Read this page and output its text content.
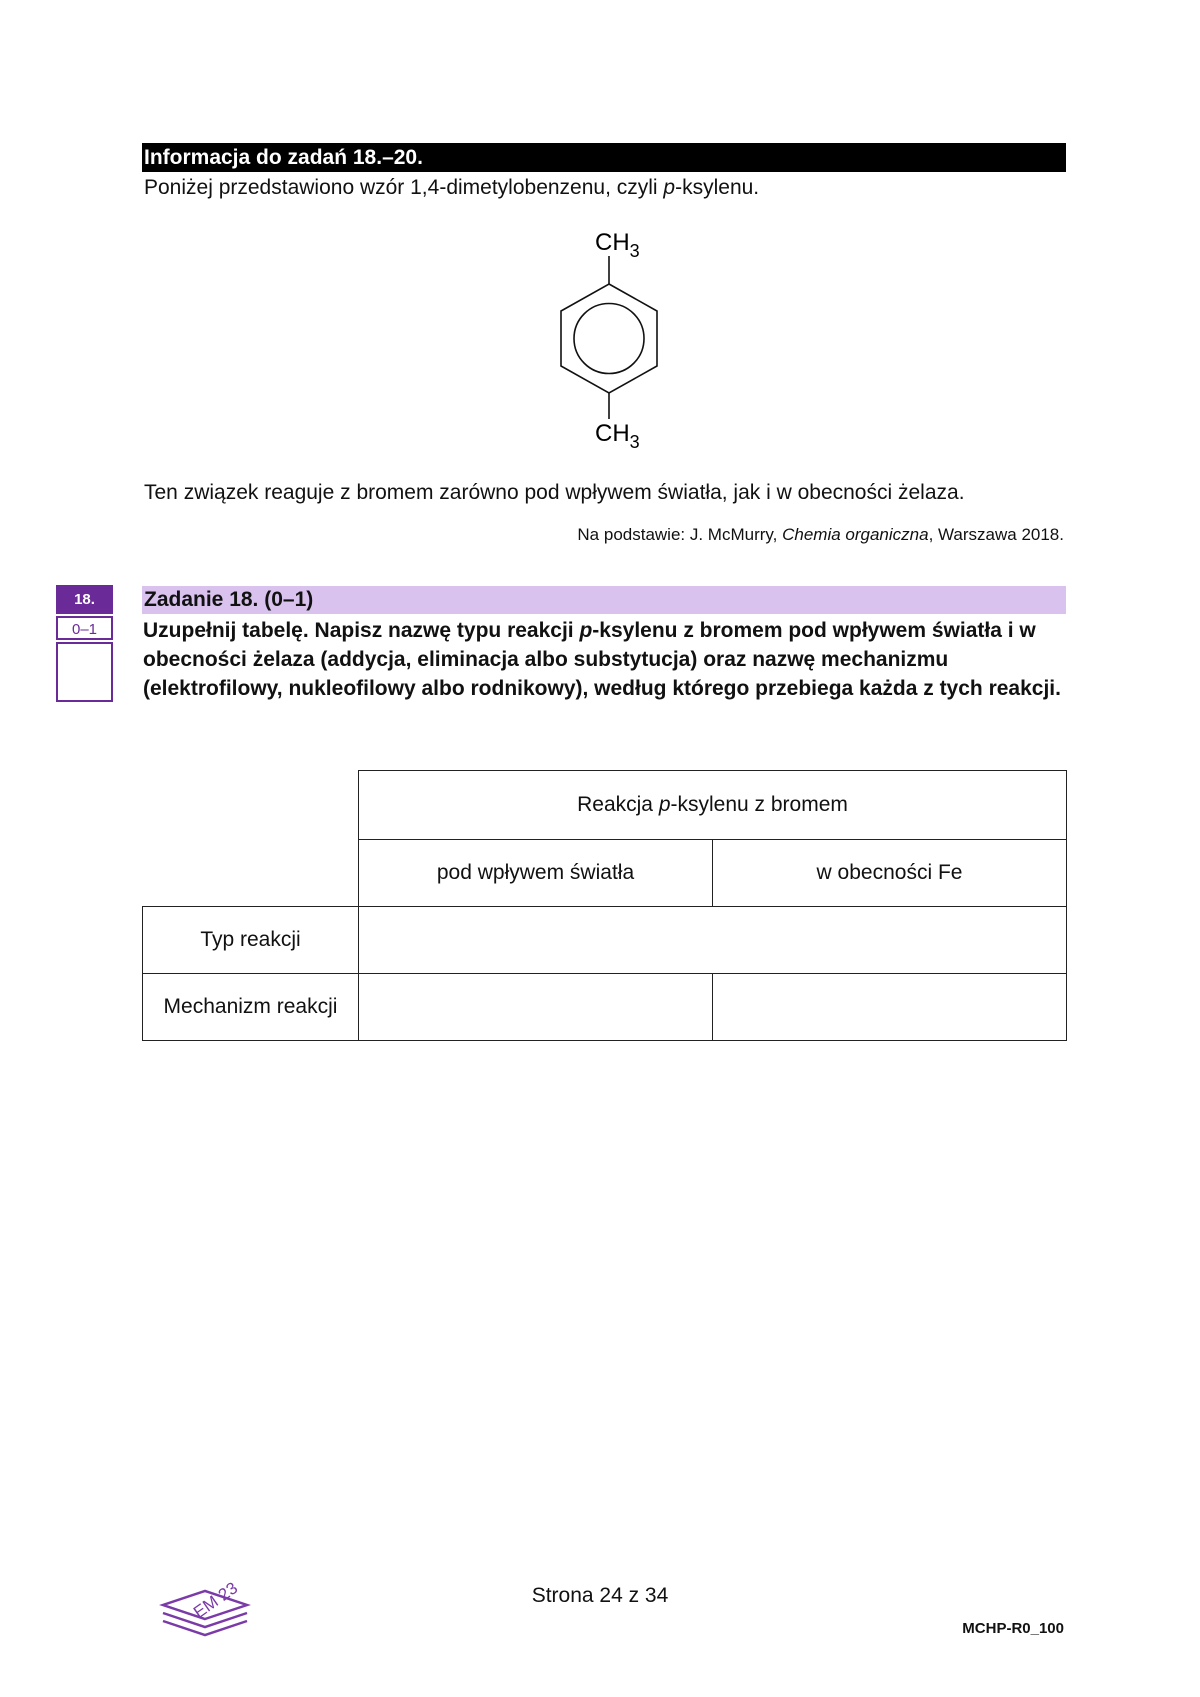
Informacja do zadań 18.–20.
Poniżej przedstawiono wzór 1,4-dimetylobenzenu, czyli p-ksylenu.
$CH_3$
$CH_3$
Ten związek reaguje z bromem zarówno pod wpływem światła, jak i w obecności żelaza.
Na podstawie: J. McMurry, Chemia organiczna, Warszawa 2018.
18.
0–1
Zadanie 18. (0–1)
Uzupełnij tabelę. Napisz nazwę typu reakcji p-ksylenu z bromem pod wpływem światła i w obecności żelaza (addycja, eliminacja albo substytucja) oraz nazwę mechanizmu (elektrofilowy, nukleofilowy albo rodnikowy), według którego przebiega każda z tych reakcji.
	Reakcja p-ksylenu z bromem	
	pod wpływem światła	w obecności Fe
Typ reakcji		
Mechanizm reakcji		
EM 23	Strona 24 z 34
MCHP-R0_100
